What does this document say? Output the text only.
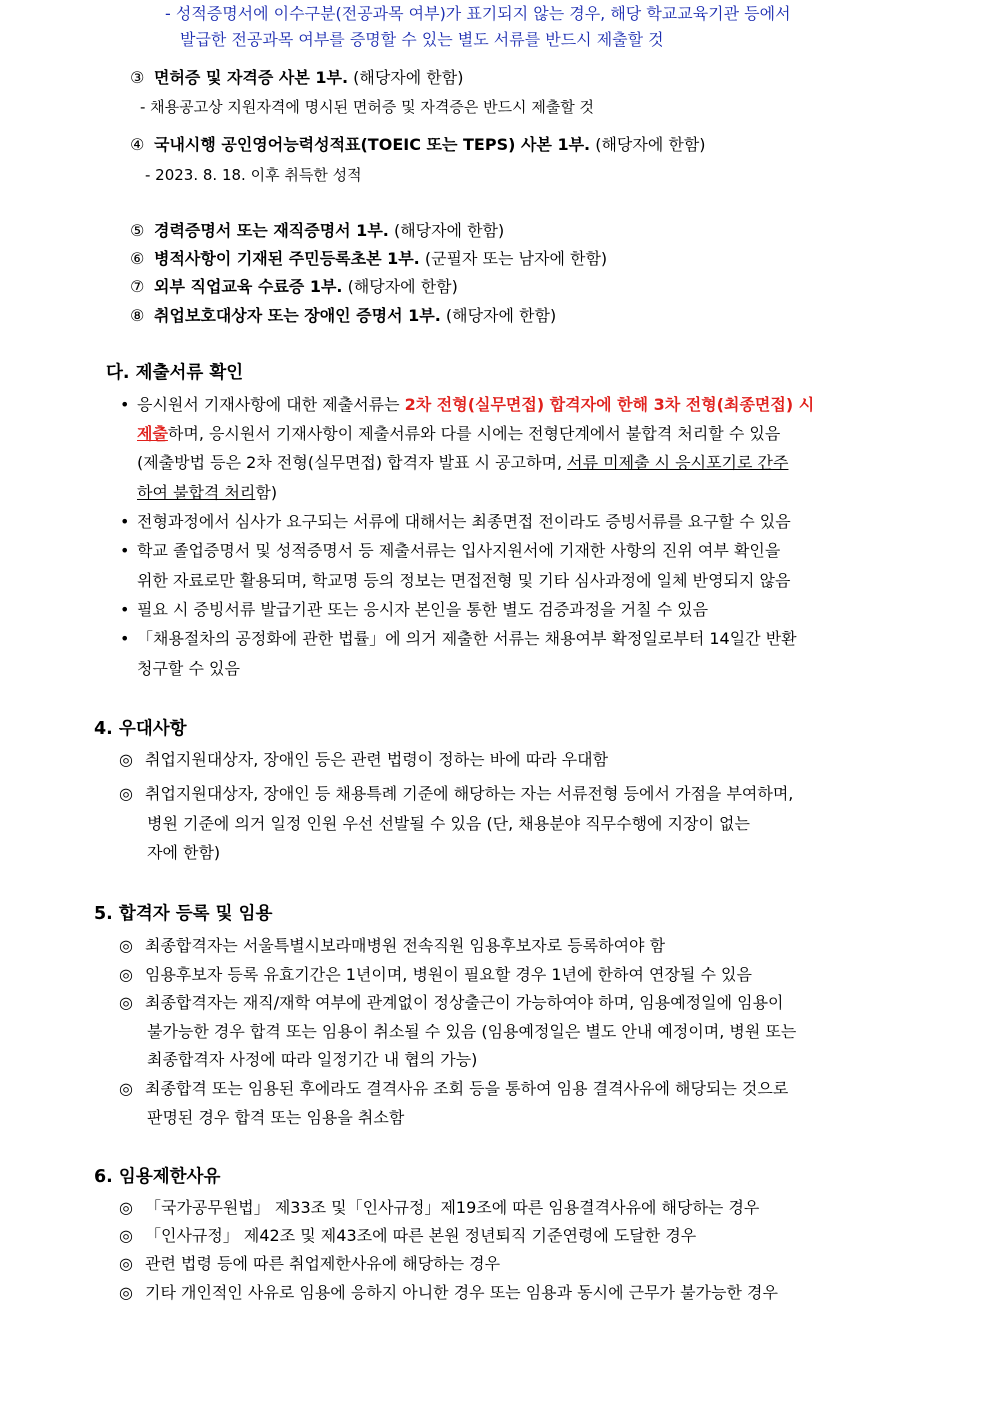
- 성적증명서에 이수구분(전공과목 여부)가 표기되지 않는 경우, 해당 학교교육기관 등에서
발급한 전공과목 여부를 증명할 수 있는 별도 서류를 반드시 제출할 것
③ 면허증 및 자격증 사본 1부. (해당자에 한함)
- 채용공고상 지원자격에 명시된 면허증 및 자격증은 반드시 제출할 것
④ 국내시행 공인영어능력성적표(TOEIC 또는 TEPS) 사본 1부. (해당자에 한함)
- 2023. 8. 18. 이후 취득한 성적
⑤ 경력증명서 또는 재직증명서 1부. (해당자에 한함)
⑥ 병적사항이 기재된 주민등록초본 1부. (군필자 또는 남자에 한함)
⑦ 외부 직업교육 수료증 1부. (해당자에 한함)
⑧ 취업보호대상자 또는 장애인 증명서 1부. (해당자에 한함)
다. 제출서류 확인
• 응시원서 기재사항에 대한 제출서류는 2차 전형(실무면접) 합격자에 한해 3차 전형(최종면접) 시
제출하며, 응시원서 기재사항이 제출서류와 다를 시에는 전형단계에서 불합격 처리할 수 있음
(제출방법 등은 2차 전형(실무면접) 합격자 발표 시 공고하며, 서류 미제출 시 응시포기로 간주
하여 불합격 처리함)
• 전형과정에서 심사가 요구되는 서류에 대해서는 최종면접 전이라도 증빙서류를 요구할 수 있음
• 학교 졸업증명서 및 성적증명서 등 제출서류는 입사지원서에 기재한 사항의 진위 여부 확인을
위한 자료로만 활용되며, 학교명 등의 정보는 면접전형 및 기타 심사과정에 일체 반영되지 않음
• 필요 시 증빙서류 발급기관 또는 응시자 본인을 통한 별도 검증과정을 거칠 수 있음
• 「채용절차의 공정화에 관한 법률」에 의거 제출한 서류는 채용여부 확정일로부터 14일간 반환
청구할 수 있음
4. 우대사항
◎ 취업지원대상자, 장애인 등은 관련 법령이 정하는 바에 따라 우대함
◎ 취업지원대상자, 장애인 등 채용특례 기준에 해당하는 자는 서류전형 등에서 가점을 부여하며,
병원 기준에 의거 일정 인원 우선 선발될 수 있음 (단, 채용분야 직무수행에 지장이 없는
자에 한함)
5. 합격자 등록 및 임용
◎ 최종합격자는 서울특별시보라매병원 전속직원 임용후보자로 등록하여야 함
◎ 임용후보자 등록 유효기간은 1년이며, 병원이 필요할 경우 1년에 한하여 연장될 수 있음
◎ 최종합격자는 재직/재학 여부에 관계없이 정상출근이 가능하여야 하며, 임용예정일에 임용이
불가능한 경우 합격 또는 임용이 취소될 수 있음 (임용예정일은 별도 안내 예정이며, 병원 또는
최종합격자 사정에 따라 일정기간 내 협의 가능)
◎ 최종합격 또는 임용된 후에라도 결격사유 조회 등을 통하여 임용 결격사유에 해당되는 것으로
판명된 경우 합격 또는 임용을 취소함
6. 임용제한사유
◎ 「국가공무원법」 제33조 및「인사규정」제19조에 따른 임용결격사유에 해당하는 경우
◎ 「인사규정」 제42조 및 제43조에 따른 본원 정년퇴직 기준연령에 도달한 경우
◎ 관련 법령 등에 따른 취업제한사유에 해당하는 경우
◎ 기타 개인적인 사유로 임용에 응하지 아니한 경우 또는 임용과 동시에 근무가 불가능한 경우
